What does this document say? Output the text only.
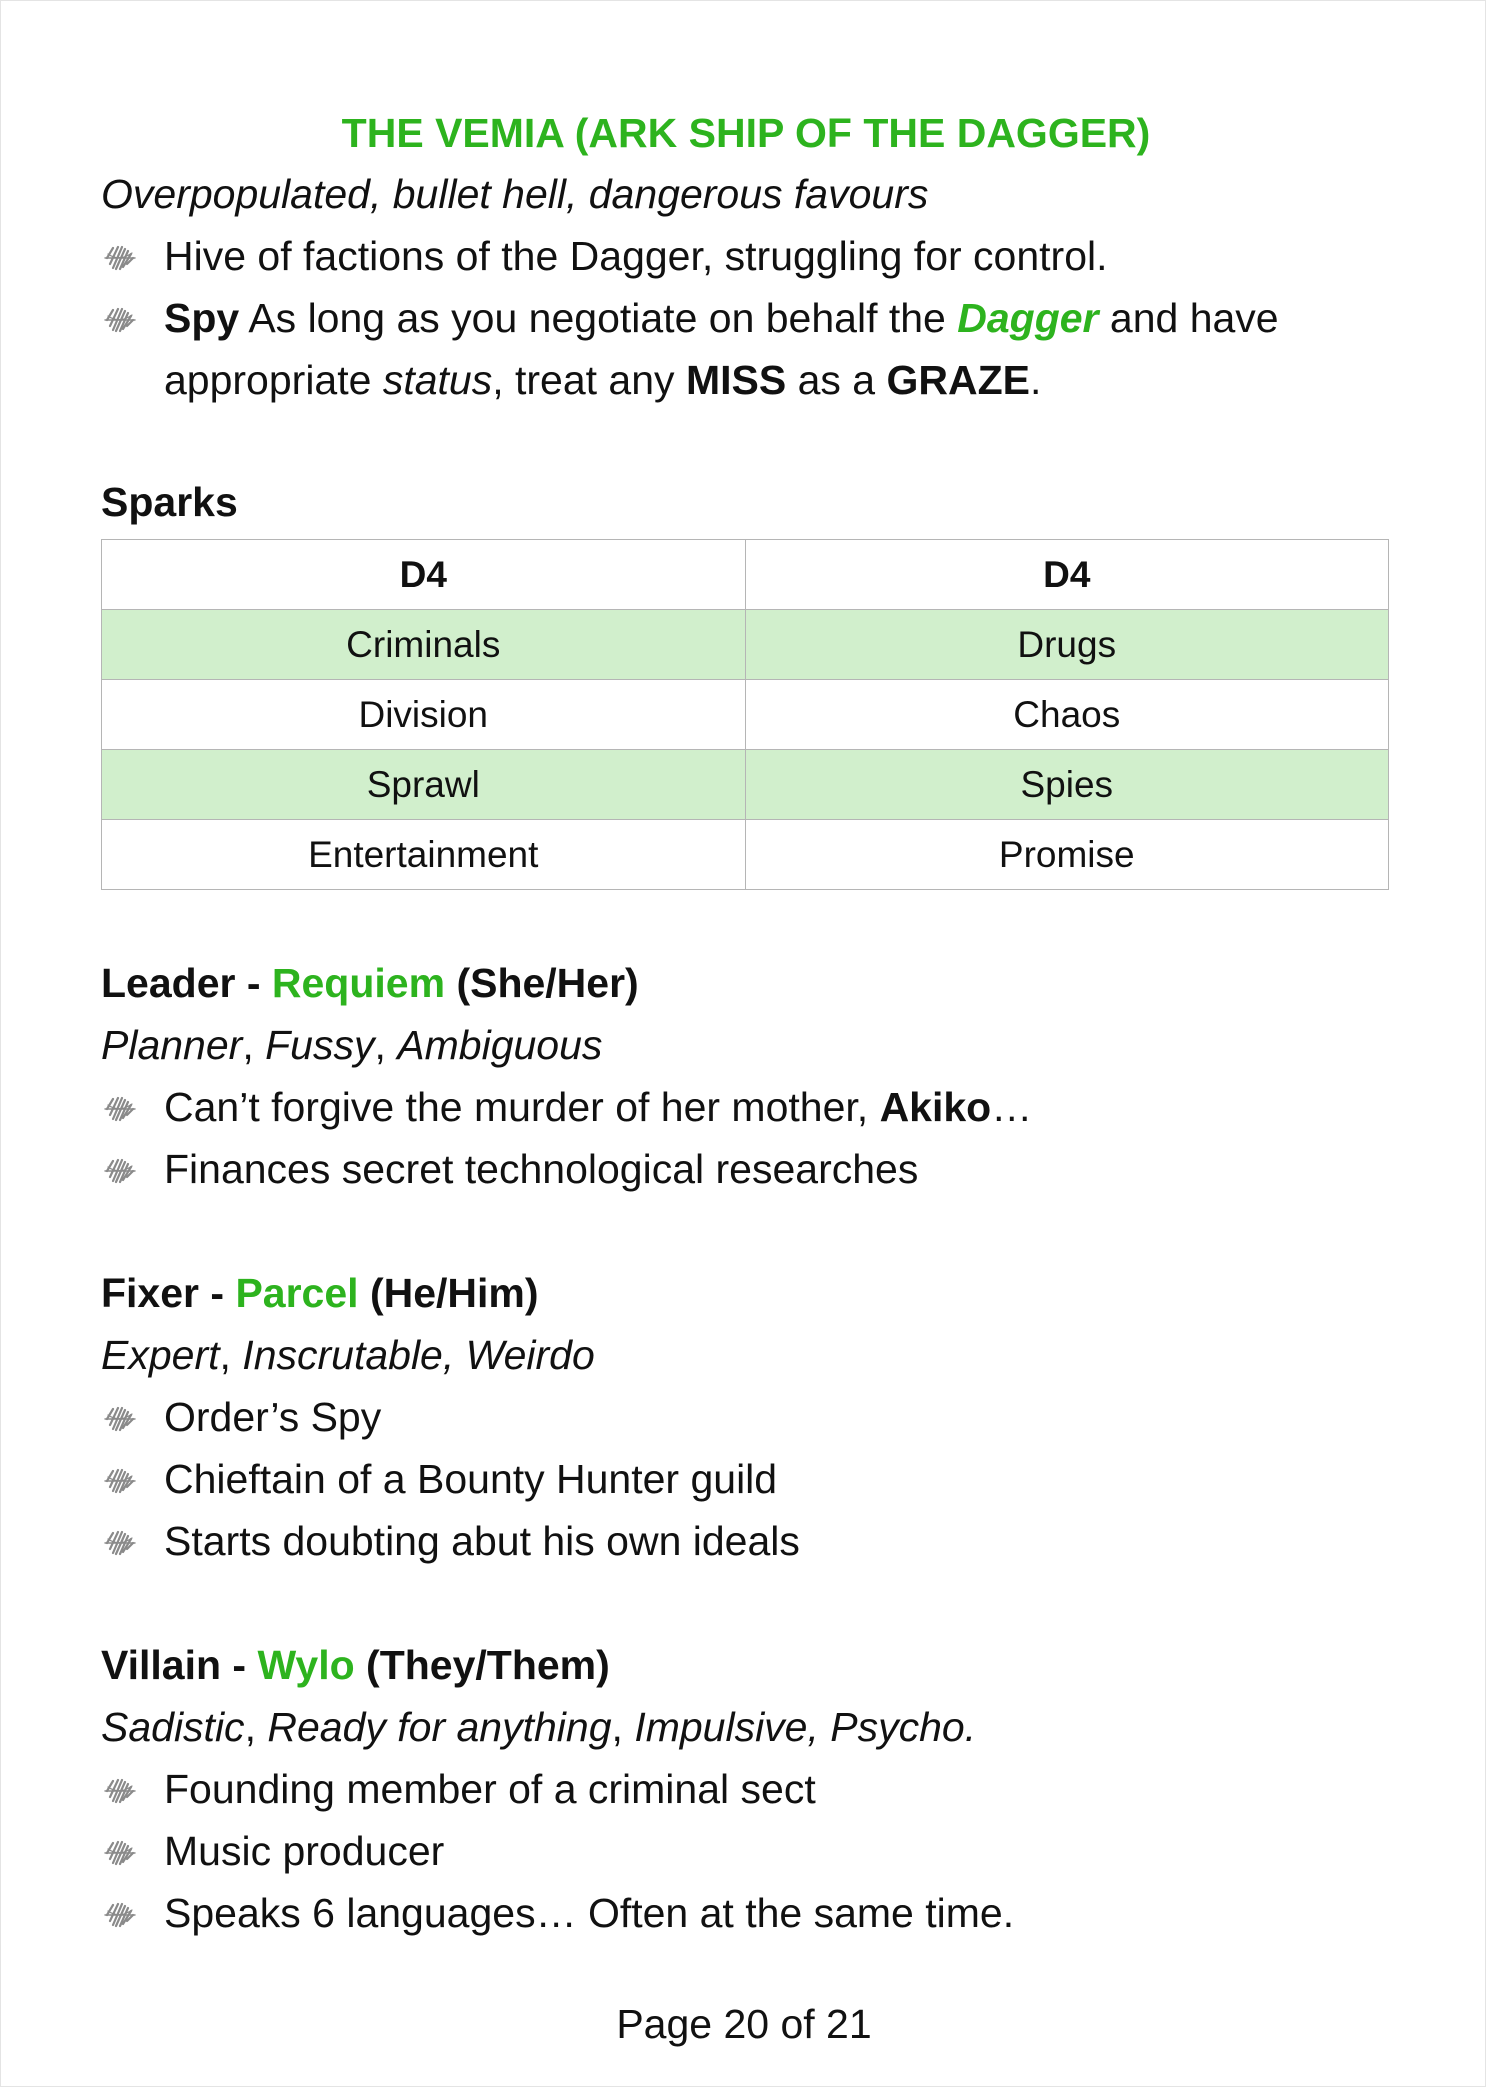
THE VEMIA (ARK SHIP OF THE DAGGER)

Overpopulated, bullet hell, dangerous favours

Hive of factions of the Dagger, struggling for control.
Spy As long as you negotiate on behalf the Dagger and have appropriate status, treat any MISS as a GRAZE.

Sparks

D4	D4
Criminals	Drugs
Division	Chaos
Sprawl	Spies
Entertainment	Promise

Leader - Requiem (She/Her)

Planner, Fussy, Ambiguous

Can’t forgive the murder of her mother, Akiko…
Finances secret technological researches

Fixer - Parcel (He/Him)

Expert, Inscrutable, Weirdo

Order’s Spy
Chieftain of a Bounty Hunter guild
Starts doubting abut his own ideals

Villain - Wylo (They/Them)

Sadistic, Ready for anything, Impulsive, Psycho.

Founding member of a criminal sect
Music producer
Speaks 6 languages… Often at the same time.
Page 20 of 21
